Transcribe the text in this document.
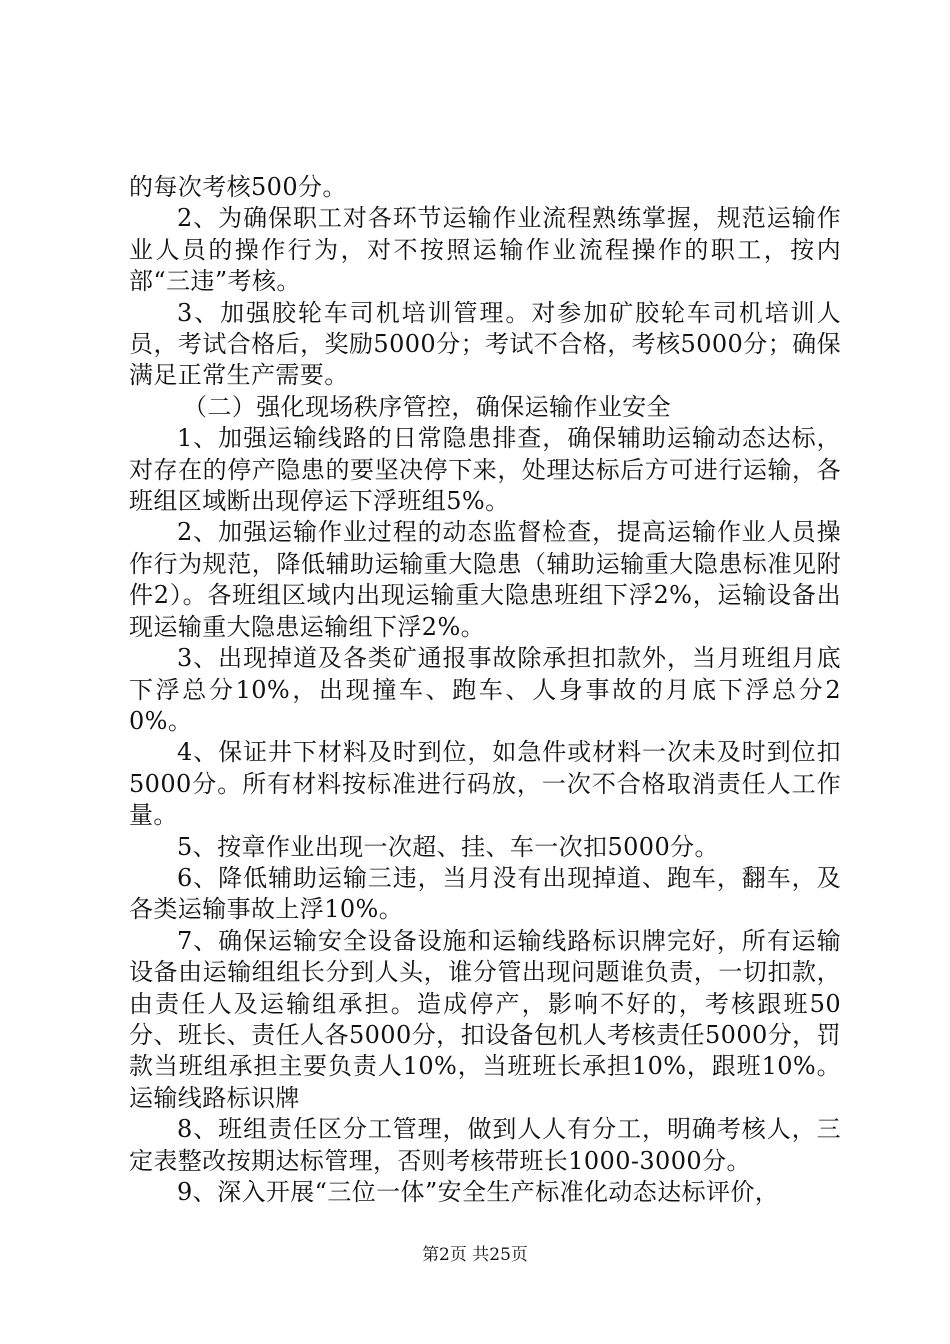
的每次考核500分。

2、为确保职工对各环节运输作业流程熟练掌握，规范运输作业人员的操作行为，对不按照运输作业流程操作的职工，按内部“三违”考核。

3、加强胶轮车司机培训管理。对参加矿胶轮车司机培训人员，考试合格后，奖励5000分；考试不合格，考核5000分；确保满足正常生产需要。

（二）强化现场秩序管控，确保运输作业安全

1、加强运输线路的日常隐患排查，确保辅助运输动态达标，对存在的停产隐患的要坚决停下来，处理达标后方可进行运输，各班组区域断出现停运下浮班组5%。

2、加强运输作业过程的动态监督检查，提高运输作业人员操作行为规范，降低辅助运输重大隐患（辅助运输重大隐患标准见附件2）。各班组区域内出现运输重大隐患班组下浮2%，运输设备出现运输重大隐患运输组下浮2%。

3、出现掉道及各类矿通报事故除承担扣款外，当月班组月底下浮总分10%，出现撞车、跑车、人身事故的月底下浮总分20%。

4、保证井下材料及时到位，如急件或材料一次未及时到位扣5000分。所有材料按标准进行码放，一次不合格取消责任人工作量。

5、按章作业出现一次超、挂、车一次扣5000分。

6、降低辅助运输三违，当月没有出现掉道、跑车，翻车，及各类运输事故上浮10%。

7、确保运输安全设备设施和运输线路标识牌完好，所有运输设备由运输组组长分到人头，谁分管出现问题谁负责，一切扣款，由责任人及运输组承担。造成停产，影响不好的，考核跟班50分、班长、责任人各5000分，扣设备包机人考核责任5000分，罚款当班组承担主要负责人10%，当班班长承担10%，跟班10%。运输线路标识牌

8、班组责任区分工管理，做到人人有分工，明确考核人，三定表整改按期达标管理，否则考核带班长1000-3000分。

9、深入开展“三位一体”安全生产标准化动态达标评价，

第2页 共25页
